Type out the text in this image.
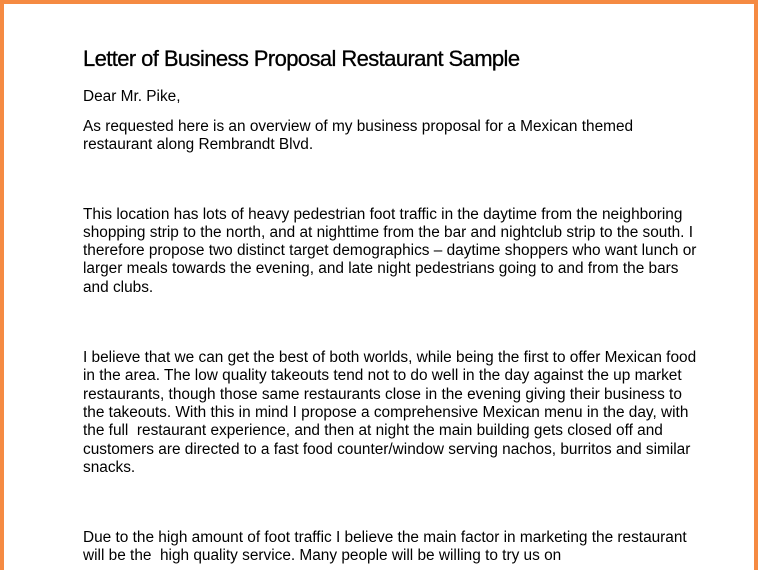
Letter of Business Proposal Restaurant Sample

Dear Mr. Pike,

As requested here is an overview of my business proposal for a Mexican themed restaurant along Rembrandt Blvd.

This location has lots of heavy pedestrian foot traffic in the daytime from the neighboring shopping strip to the north, and at nighttime from the bar and nightclub strip to the south. I therefore propose two distinct target demographics – daytime shoppers who want lunch or larger meals towards the evening, and late night pedestrians going to and from the bars and clubs.

I believe that we can get the best of both worlds, while being the first to offer Mexican food in the area. The low quality takeouts tend not to do well in the day against the up market restaurants, though those same restaurants close in the evening giving their business to the takeouts. With this in mind I propose a comprehensive Mexican menu in the day, with the full  restaurant experience, and then at night the main building gets closed off and customers are directed to a fast food counter/window serving nachos, burritos and similar snacks.

Due to the high amount of foot traffic I believe the main factor in marketing the restaurant will be the  high quality service. Many people will be willing to try us on
